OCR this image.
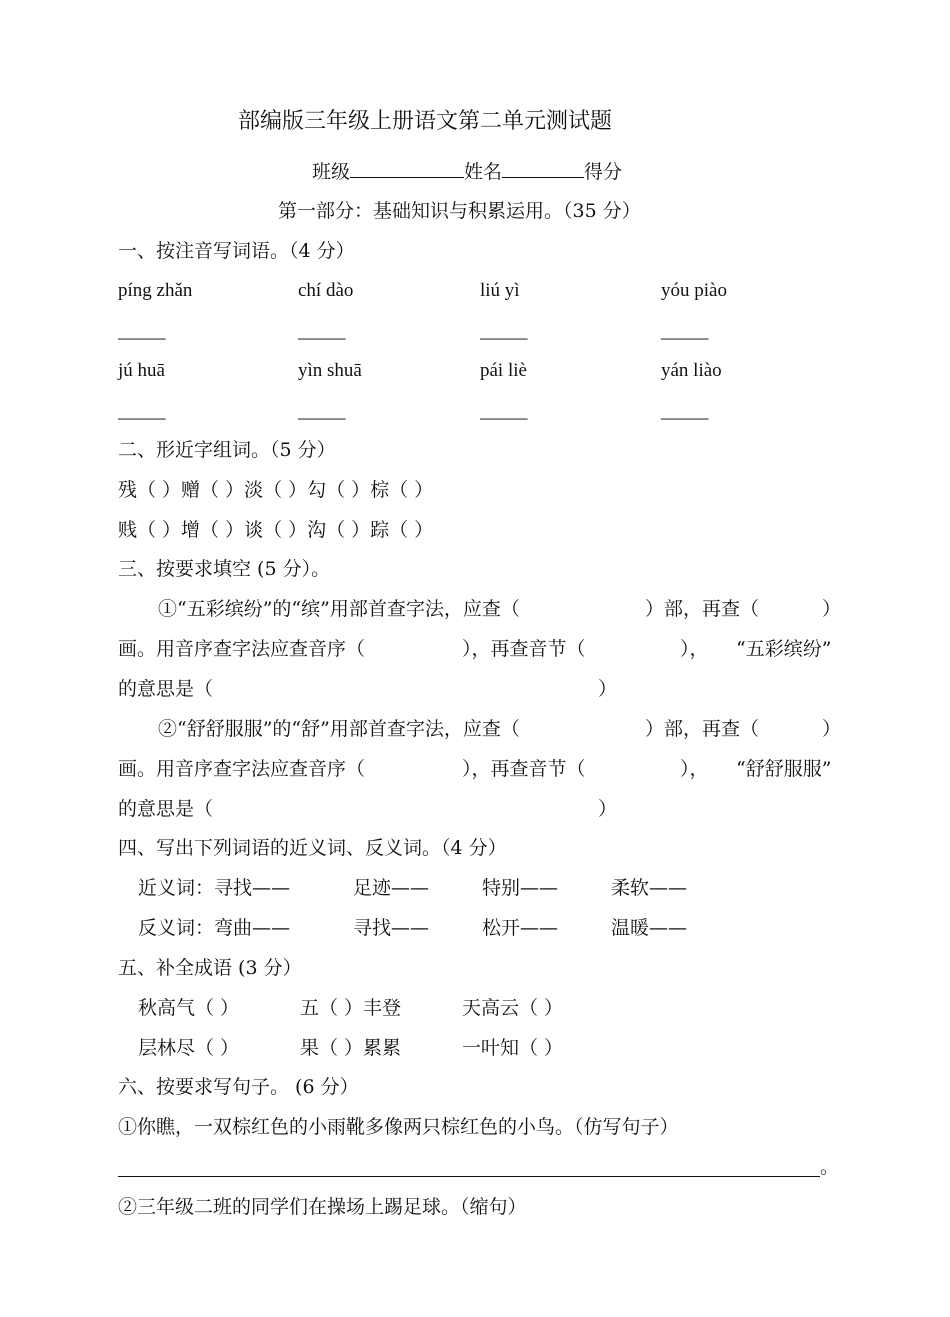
部编版三年级上册语文第二单元测试题
班级	姓名	得分
第一部分：基础知识与积累运用。（35 分）
一、按注音写词语。（4 分）
píng zhǎn	chí dào	liú yì	yóu piào
_____	_____	_____	_____
jú huā	yìn shuā	pái liè	yán liào
_____	_____	_____	_____
二、形近字组词。（5 分）
残（ ）赠（ ）淡（ ）勾（ ）棕（ ）
贱（ ）增（ ）谈（ ）沟（ ）踪（ ）
三、按要求填空 (5 分）。
①“五彩缤纷”的“缤”用部首查字法，应查（	）部，再查（	）
画。用音序查字法应查音序（	），再查音节（	）， “五彩缤纷”
的意思是（	）
②“舒舒服服”的“舒”用部首查字法，应查（	）部，再查（	）
画。用音序查字法应查音序（	），再查音节（	）， “舒舒服服”
的意思是（	）
四、写出下列词语的近义词、反义词。（4 分）
近义词：寻找——	足迹——	特别——	柔软——
反义词：弯曲——	寻找——	松开——	温暖——
五、补全成语 (3 分）
秋高气（ ）	五（ ）丰登	天高云（ ）
层林尽（ ）	果（ ）累累	一叶知（ ）
六、按要求写句子。 (6 分）
①你瞧，一双棕红色的小雨靴多像两只棕红色的小鸟。（仿写句子）
。
②三年级二班的同学们在操场上踢足球。（缩句）
